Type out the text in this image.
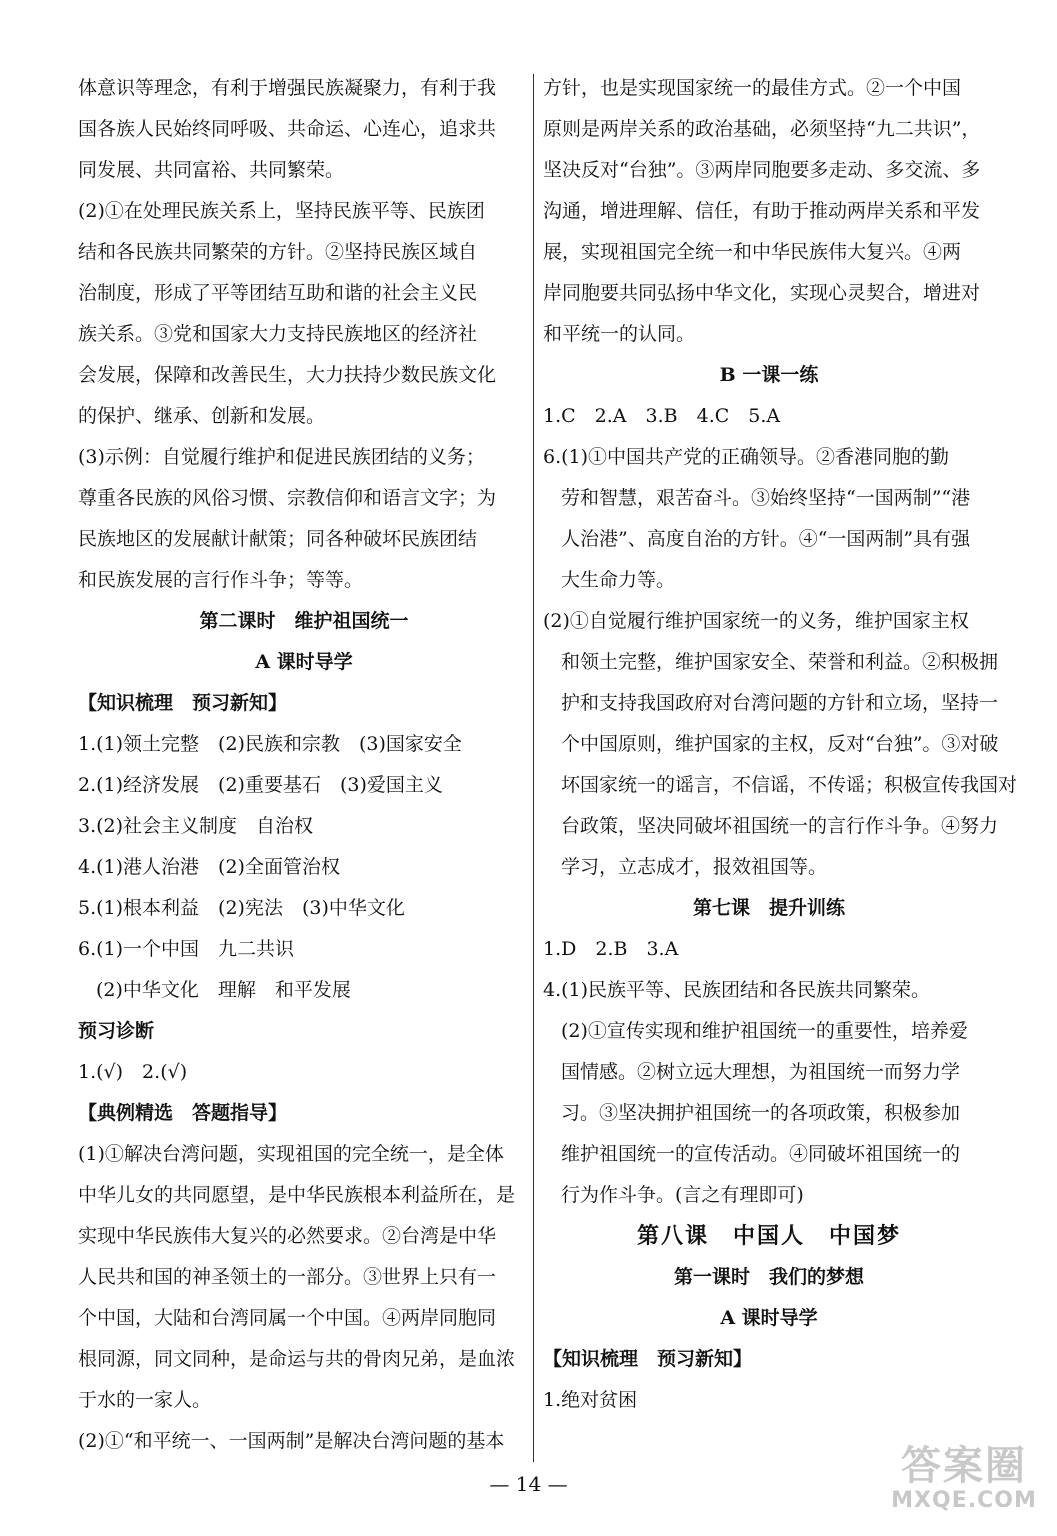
体意识等理念，有利于增强民族凝聚力，有利于我
国各族人民始终同呼吸、共命运、心连心，追求共
同发展、共同富裕、共同繁荣。
(2)①在处理民族关系上，坚持民族平等、民族团
结和各民族共同繁荣的方针。②坚持民族区域自
治制度，形成了平等团结互助和谐的社会主义民
族关系。③党和国家大力支持民族地区的经济社
会发展，保障和改善民生，大力扶持少数民族文化
的保护、继承、创新和发展。
(3)示例：自觉履行维护和促进民族团结的义务；
尊重各民族的风俗习惯、宗教信仰和语言文字；为
民族地区的发展献计献策；同各种破坏民族团结
和民族发展的言行作斗争；等等。
第二课时　维护祖国统一
A 课时导学
【知识梳理　预习新知】
1.(1)领土完整　(2)民族和宗教　(3)国家安全
2.(1)经济发展　(2)重要基石　(3)爱国主义
3.(2)社会主义制度　自治权
4.(1)港人治港　(2)全面管治权
5.(1)根本利益　(2)宪法　(3)中华文化
6.(1)一个中国　九二共识
(2)中华文化　理解　和平发展
预习诊断
1.(√)　2.(√)
【典例精选　答题指导】
(1)①解决台湾问题，实现祖国的完全统一，是全体
中华儿女的共同愿望，是中华民族根本利益所在，是
实现中华民族伟大复兴的必然要求。②台湾是中华
人民共和国的神圣领土的一部分。③世界上只有一
个中国，大陆和台湾同属一个中国。④两岸同胞同
根同源，同文同种，是命运与共的骨肉兄弟，是血浓
于水的一家人。
(2)①“和平统一、一国两制”是解决台湾问题的基本
方针，也是实现国家统一的最佳方式。②一个中国
原则是两岸关系的政治基础，必须坚持“九二共识”，
坚决反对“台独”。③两岸同胞要多走动、多交流、多
沟通，增进理解、信任，有助于推动两岸关系和平发
展，实现祖国完全统一和中华民族伟大复兴。④两
岸同胞要共同弘扬中华文化，实现心灵契合，增进对
和平统一的认同。
B 一课一练
1.C　2.A　3.B　4.C　5.A
6.(1)①中国共产党的正确领导。②香港同胞的勤
劳和智慧，艰苦奋斗。③始终坚持“一国两制”“港
人治港”、高度自治的方针。④“一国两制”具有强
大生命力等。
(2)①自觉履行维护国家统一的义务，维护国家主权
和领土完整，维护国家安全、荣誉和利益。②积极拥
护和支持我国政府对台湾问题的方针和立场，坚持一
个中国原则，维护国家的主权，反对“台独”。③对破
坏国家统一的谣言，不信谣，不传谣；积极宣传我国对
台政策，坚决同破坏祖国统一的言行作斗争。④努力
学习，立志成才，报效祖国等。
第七课　提升训练
1.D　2.B　3.A
4.(1)民族平等、民族团结和各民族共同繁荣。
(2)①宣传实现和维护祖国统一的重要性，培养爱
国情感。②树立远大理想，为祖国统一而努力学
习。③坚决拥护祖国统一的各项政策，积极参加
维护祖国统一的宣传活动。④同破坏祖国统一的
行为作斗争。(言之有理即可)
第八课　中国人　中国梦
第一课时　我们的梦想
A 课时导学
【知识梳理　预习新知】
1.绝对贫困
— 14 —	答案圈
MXQE.COM
